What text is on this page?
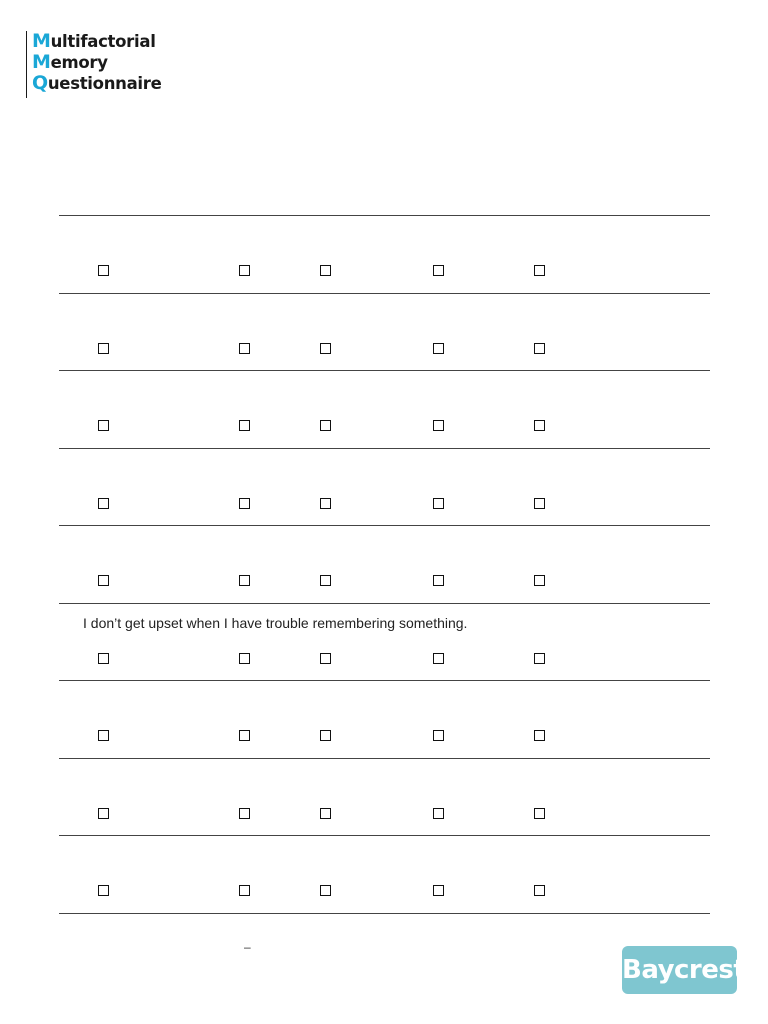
Multifactorial
Memory
Questionnaire
I don’t get upset when I have trouble remembering something.
–
Baycrest
